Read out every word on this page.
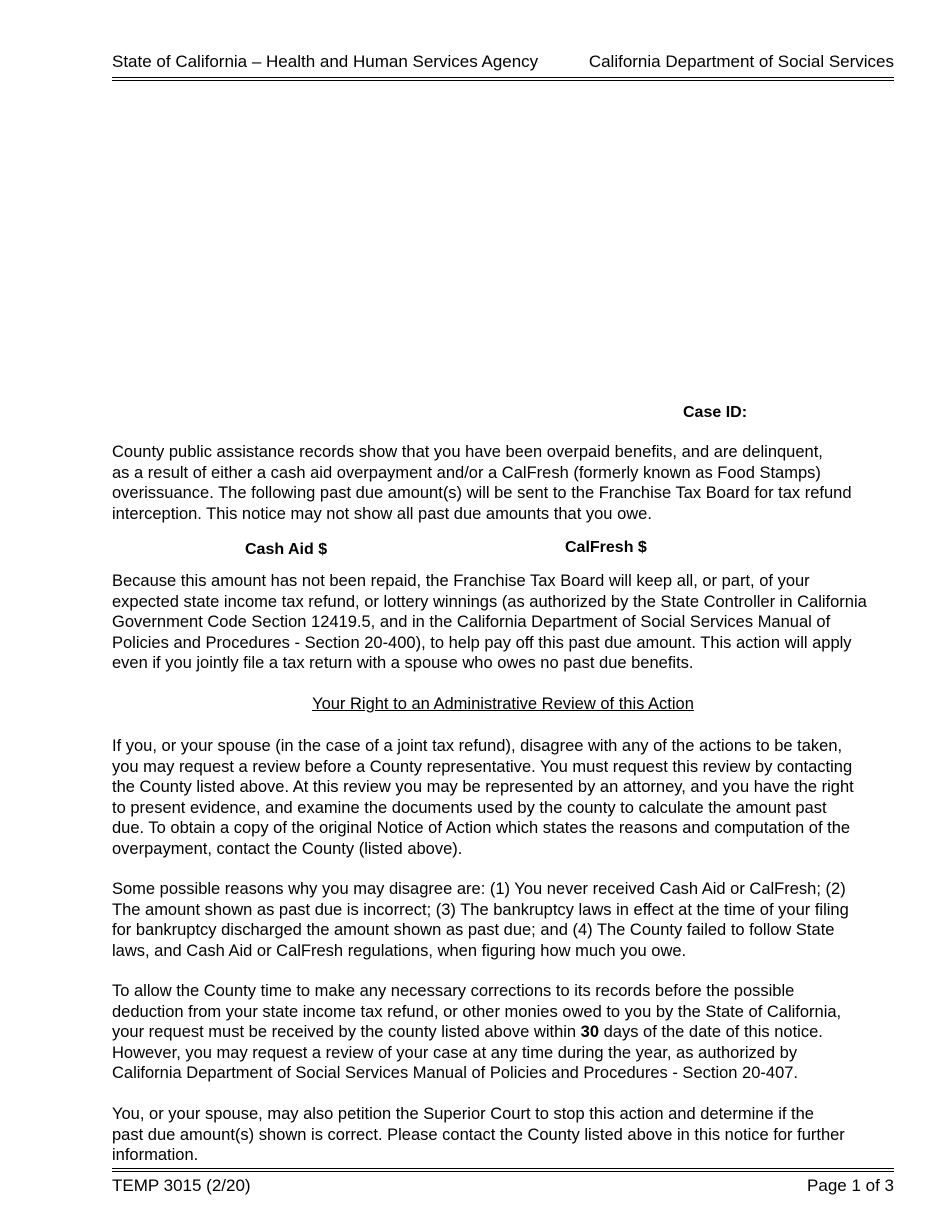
State of California – Health and Human Services Agency	California Department of Social Services
Case ID:
County public assistance records show that you have been overpaid benefits, and are delinquent,
as a result of either a cash aid overpayment and/or a CalFresh (formerly known as Food Stamps)
overissuance. The following past due amount(s) will be sent to the Franchise Tax Board for tax refund
interception. This notice may not show all past due amounts that you owe.
Cash Aid $	CalFresh $
Because this amount has not been repaid, the Franchise Tax Board will keep all, or part, of your
expected state income tax refund, or lottery winnings (as authorized by the State Controller in California
Government Code Section 12419.5, and in the California Department of Social Services Manual of
Policies and Procedures - Section 20-400), to help pay off this past due amount. This action will apply
even if you jointly file a tax return with a spouse who owes no past due benefits.
Your Right to an Administrative Review of this Action
If you, or your spouse (in the case of a joint tax refund), disagree with any of the actions to be taken,
you may request a review before a County representative. You must request this review by contacting
the County listed above. At this review you may be represented by an attorney, and you have the right
to present evidence, and examine the documents used by the county to calculate the amount past
due. To obtain a copy of the original Notice of Action which states the reasons and computation of the
overpayment, contact the County (listed above).
Some possible reasons why you may disagree are: (1) You never received Cash Aid or CalFresh; (2)
The amount shown as past due is incorrect; (3) The bankruptcy laws in effect at the time of your filing
for bankruptcy discharged the amount shown as past due; and (4) The County failed to follow State
laws, and Cash Aid or CalFresh regulations, when figuring how much you owe.
To allow the County time to make any necessary corrections to its records before the possible
deduction from your state income tax refund, or other monies owed to you by the State of California,
your request must be received by the county listed above within 30 days of the date of this notice.
However, you may request a review of your case at any time during the year, as authorized by
California Department of Social Services Manual of Policies and Procedures - Section 20-407.
You, or your spouse, may also petition the Superior Court to stop this action and determine if the
past due amount(s) shown is correct. Please contact the County listed above in this notice for further
information.
TEMP 3015 (2/20)	Page 1 of 3
